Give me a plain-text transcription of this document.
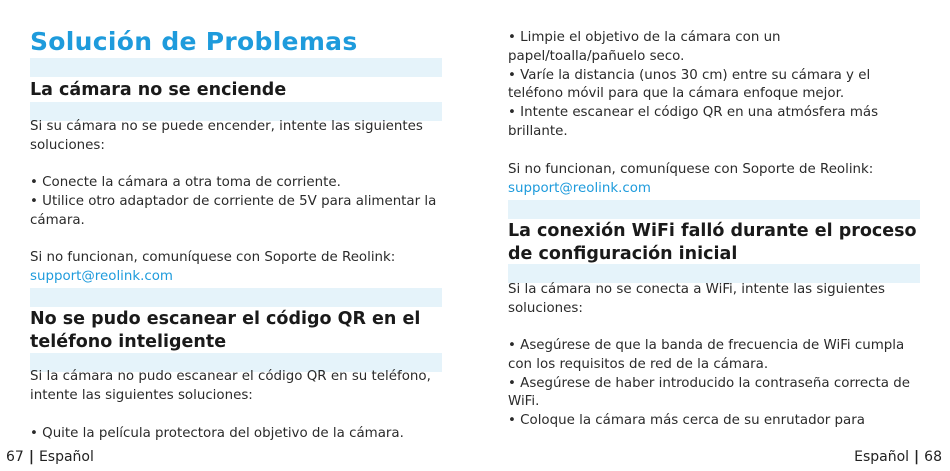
Solución de Problemas
La cámara no se enciende

Si su cámara no se puede encender, intente las siguientes soluciones:

• Conecte la cámara a otra toma de corriente.
• Utilice otro adaptador de corriente de 5V para alimentar la cámara.

Si no funcionan, comuníquese con Soporte de Reolink:
support@reolink.com

No se pudo escanear el código QR en el teléfono inteligente

Si la cámara no pudo escanear el código QR en su teléfono, intente las siguientes soluciones:

• Quite la película protectora del objetivo de la cámara.
• Limpie el objetivo de la cámara con un papel/toalla/pañuelo seco.
• Varíe la distancia (unos 30 cm) entre su cámara y el teléfono móvil para que la cámara enfoque mejor.
• Intente escanear el código QR en una atmósfera más brillante.

Si no funcionan, comuníquese con Soporte de Reolink:
support@reolink.com

La conexión WiFi falló durante el proceso de configuración inicial

Si la cámara no se conecta a WiFi, intente las siguientes soluciones:

• Asegúrese de que la banda de frecuencia de WiFi cumpla con los requisitos de red de la cámara.
• Asegúrese de haber introducido la contraseña correcta de WiFi.
• Coloque la cámara más cerca de su enrutador para
67 | Español	Español | 68
